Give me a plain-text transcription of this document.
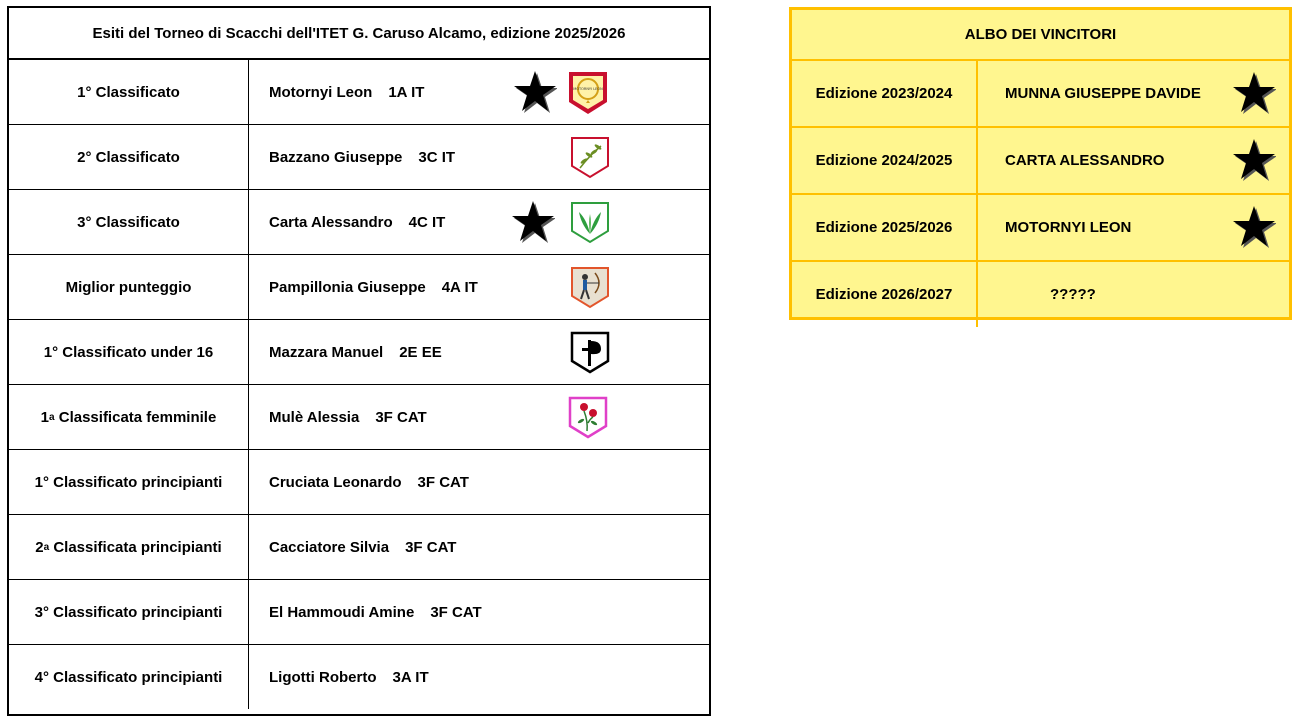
Esiti del Torneo di Scacchi dell'ITET G. Caruso Alcamo, edizione 2025/2026
1° Classificato	Motornyi Leon 1A IT	MOTORNYI LEON
2° Classificato	Bazzano Giuseppe 3C IT
3° Classificato	Carta Alessandro 4C IT
Miglior punteggio	Pampillonia Giuseppe 4A IT
1° Classificato under 16	Mazzara Manuel 2E EE
1 a Classificata femminile	Mulè Alessia 3F CAT
1° Classificato principianti	Cruciata Leonardo 3F CAT
2 a Classificata principianti	Cacciatore Silvia 3F CAT
3° Classificato principianti	El Hammoudi Amine 3F CAT
4° Classificato principianti	Ligotti Roberto 3A IT
ALBO DEI VINCITORI
Edizione 2023/2024	MUNNA GIUSEPPE DAVIDE
Edizione 2024/2025	CARTA ALESSANDRO
Edizione 2025/2026	MOTORNYI LEON
Edizione 2026/2027	?????
